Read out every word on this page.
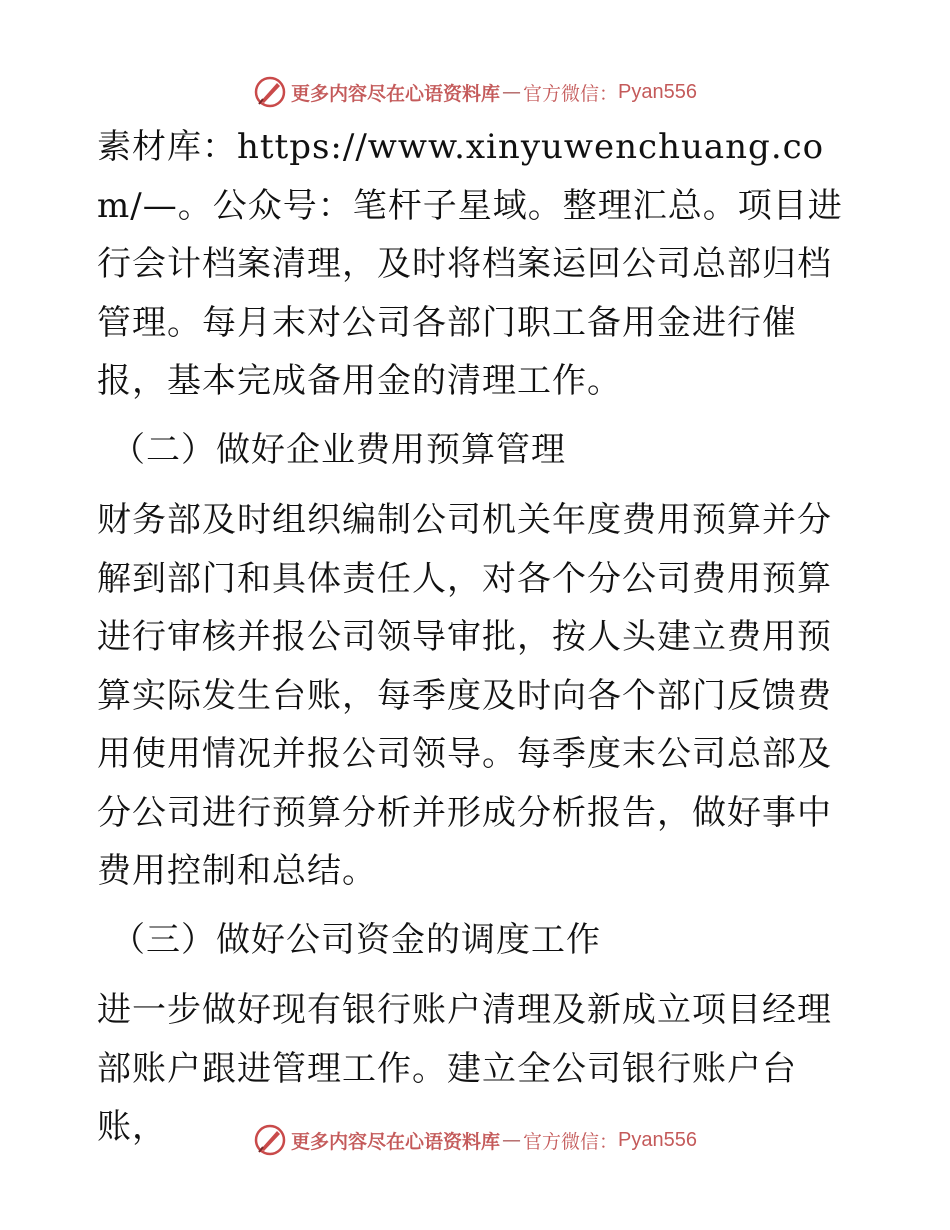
更多内容尽在心语资料库 — 官方微信： Pyan556

素材库：https://www.xinyuwenchuang.com/—。公众号：笔杆子星域。整理汇总。项目进行会计档案清理，及时将档案运回公司总部归档管理。每月末对公司各部门职工备用金进行催报，基本完成备用金的清理工作。

（二）做好企业费用预算管理

财务部及时组织编制公司机关年度费用预算并分解到部门和具体责任人，对各个分公司费用预算进行审核并报公司领导审批，按人头建立费用预算实际发生台账，每季度及时向各个部门反馈费用使用情况并报公司领导。每季度末公司总部及分公司进行预算分析并形成分析报告，做好事中费用控制和总结。

（三）做好公司资金的调度工作

进一步做好现有银行账户清理及新成立项目经理部账户跟进管理工作。建立全公司银行账户台账，	更多内容尽在心语资料库 — 官方微信： Pyan556
